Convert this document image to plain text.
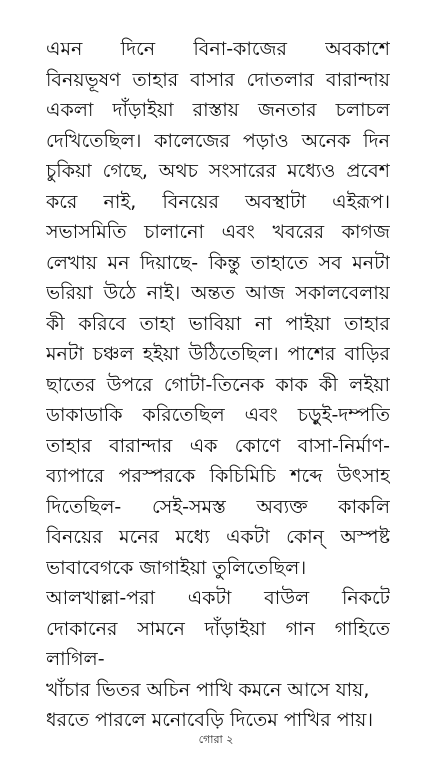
এমন দিনে বিনা-কাজের অবকাশে
বিনয়ভূষণ তাহার বাসার দোতলার বারান্দায়
একলা দাঁড়াইয়া রাস্তায় জনতার চলাচল
দেখিতেছিল। কালেজের পড়াও অনেক দিন
চুকিয়া গেছে, অথচ সংসারের মধ্যেও প্রবেশ
করে নাই, বিনয়ের অবস্থাটা এইরূপ।
সভাসমিতি চালানো এবং খবরের কাগজ
লেখায় মন দিয়াছে- কিন্তু তাহাতে সব মনটা
ভরিয়া উঠে নাই। অন্তত আজ সকালবেলায়
কী করিবে তাহা ভাবিয়া না পাইয়া তাহার
মনটা চঞ্চল হইয়া উঠিতেছিল। পাশের বাড়ির
ছাতের উপরে গোটা-তিনেক কাক কী লইয়া
ডাকাডাকি করিতেছিল এবং চড়ুই-দম্পতি
তাহার বারান্দার এক কোণে বাসা-নির্মাণ-
ব্যাপারে পরস্পরকে কিচিমিচি শব্দে উৎসাহ
দিতেছিল- সেই-সমস্ত অব্যক্ত কাকলি
বিনয়ের মনের মধ্যে একটা কোন্ অস্পষ্ট
ভাবাবেগকে জাগাইয়া তুলিতেছিল।
আলখাল্লা-পরা একটা বাউল নিকটে
দোকানের সামনে দাঁড়াইয়া গান গাহিতে
লাগিল-
খাঁচার ভিতর অচিন পাখি কমনে আসে যায়,
ধরতে পারলে মনোবেড়ি দিতেম পাখির পায়।
গোরা ২
